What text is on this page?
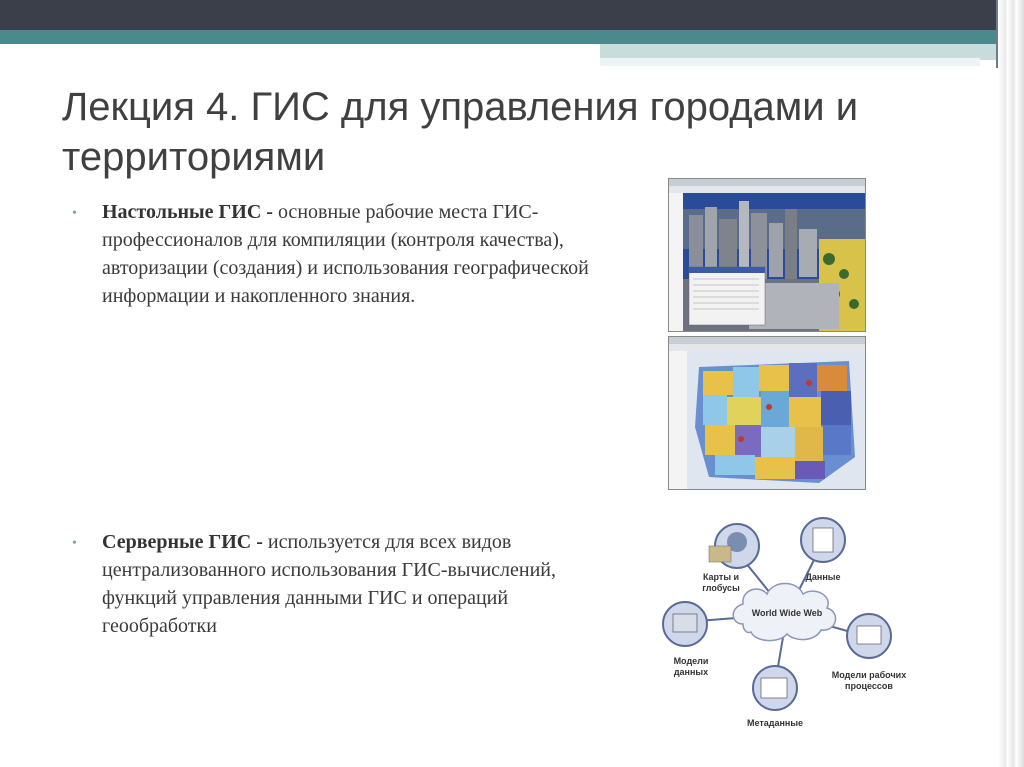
Лекция 4. ГИС для управления городами и территориями
• Настольные ГИС - основные рабочие места ГИС-профессионалов для компиляции (контроля качества), авторизации (создания) и использования географической информации и накопленного знания.

• Серверные ГИС - используется для всех видов централизованного использования ГИС-вычислений, функций управления данными ГИС и операций геообработки

World Wide Web
Карты и глобусы
Данные
Модели данных	Модели рабочих процессов
Метаданные
